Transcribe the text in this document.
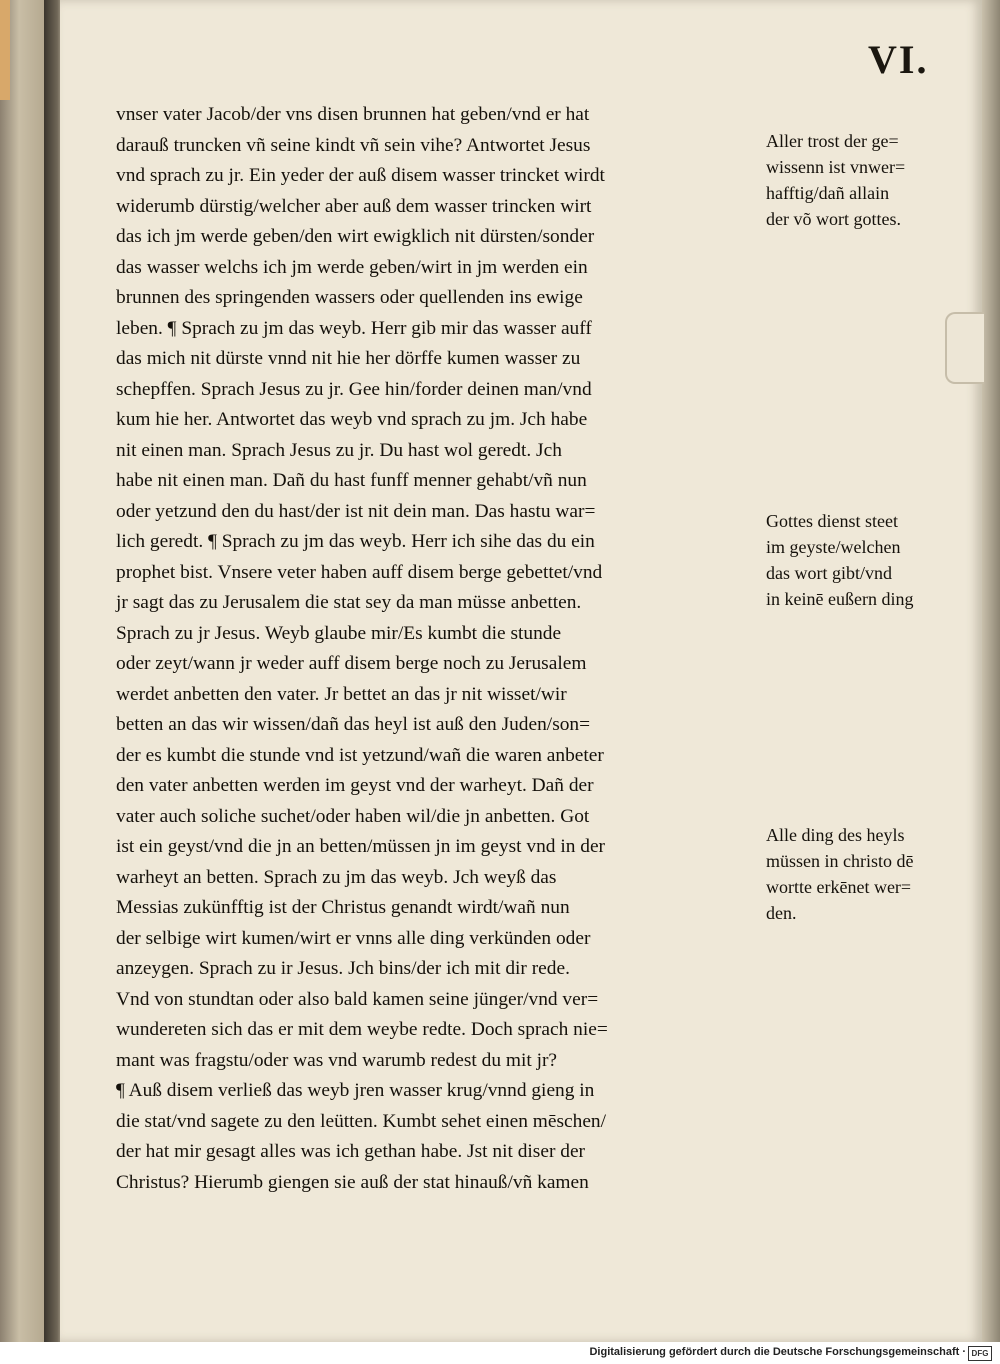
VI.
vnser vater Jacob/der vns disen brunnen hat geben/vnd er hat
darauß truncken vñ seine kindt vñ sein vihe? Antwortet Jesus
vnd sprach zu jr. Ein yeder der auß disem wasser trincket wirdt
widerumb dürstig/welcher aber auß dem wasser trincken wirt
das ich jm werde geben/den wirt ewigklich nit dürsten/sonder
das wasser welchs ich jm werde geben/wirt in jm werden ein
brunnen des springenden wassers oder quellenden ins ewige
leben. ¶ Sprach zu jm das weyb. Herr gib mir das wasser auff
das mich nit dürste vnnd nit hie her dörffe kumen wasser zu
schepffen. Sprach Jesus zu jr. Gee hin/forder deinen man/vnd
kum hie her. Antwortet das weyb vnd sprach zu jm. Jch habe
nit einen man. Sprach Jesus zu jr. Du hast wol geredt. Jch
habe nit einen man. Dañ du hast funff menner gehabt/vñ nun
oder yetzund den du hast/der ist nit dein man. Das hastu war=
lich geredt. ¶ Sprach zu jm das weyb. Herr ich sihe das du ein
prophet bist. Vnsere veter haben auff disem berge gebettet/vnd
jr sagt das zu Jerusalem die stat sey da man müsse anbetten.
Sprach zu jr Jesus. Weyb glaube mir/Es kumbt die stunde
oder zeyt/wann jr weder auff disem berge noch zu Jerusalem
werdet anbetten den vater. Jr bettet an das jr nit wisset/wir
betten an das wir wissen/dañ das heyl ist auß den Juden/son=
der es kumbt die stunde vnd ist yetzund/wañ die waren anbeter
den vater anbetten werden im geyst vnd der warheyt. Dañ der
vater auch soliche suchet/oder haben wil/die jn anbetten. Got
ist ein geyst/vnd die jn an betten/müssen jn im geyst vnd in der
warheyt an betten. Sprach zu jm das weyb. Jch weyß das
Messias zukünfftig ist der Christus genandt wirdt/wañ nun
der selbige wirt kumen/wirt er vnns alle ding verkünden oder
anzeygen. Sprach zu ir Jesus. Jch bins/der ich mit dir rede.
Vnd von stundtan oder also bald kamen seine jünger/vnd ver=
wundereten sich das er mit dem weybe redte. Doch sprach nie=
mant was fragstu/oder was vnd warumb redest du mit jr?
¶ Auß disem verließ das weyb jren wasser krug/vnnd gieng in
die stat/vnd sagete zu den leütten. Kumbt sehet einen mēschen/
der hat mir gesagt alles was ich gethan habe. Jst nit diser der
Christus? Hierumb giengen sie auß der stat hinauß/vñ kamen
Aller trost der ge=
wissenn ist vnwer=
hafftig/dañ allain
der võ wort gottes.
Gottes dienst steet
im geyste/welchen
das wort gibt/vnd
in keinē eußern ding
Alle ding des heyls
müssen in christo dē
wortte erkēnet wer=
den.
Digitalisierung gefördert durch die Deutsche Forschungsgemeinschaft · DFG
